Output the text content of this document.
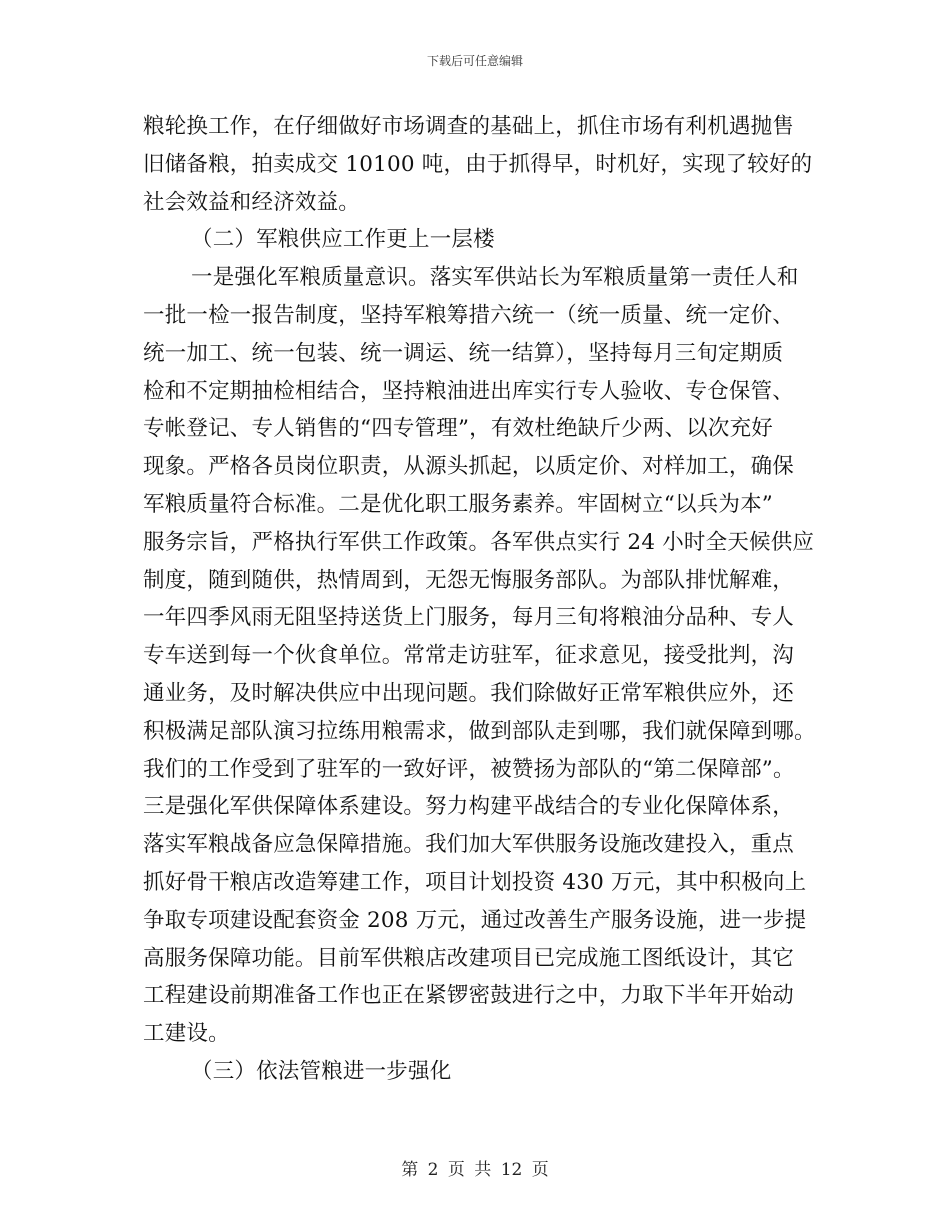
下载后可任意编辑
粮轮换工作，在仔细做好市场调查的基础上，抓住市场有利机遇抛售
旧储备粮，拍卖成交 10100 吨，由于抓得早，时机好，实现了较好的
社会效益和经济效益。
（二）军粮供应工作更上一层楼
一是强化军粮质量意识。落实军供站长为军粮质量第一责任人和
一批一检一报告制度，坚持军粮筹措六统一（统一质量、统一定价、
统一加工、统一包装、统一调运、统一结算），坚持每月三旬定期质
检和不定期抽检相结合，坚持粮油进出库实行专人验收、专仓保管、
专帐登记、专人销售的“四专管理”，有效杜绝缺斤少两、以次充好
现象。严格各员岗位职责，从源头抓起，以质定价、对样加工，确保
军粮质量符合标准。二是优化职工服务素养。牢固树立“以兵为本”
服务宗旨，严格执行军供工作政策。各军供点实行 24 小时全天候供应
制度，随到随供，热情周到，无怨无悔服务部队。为部队排忧解难，
一年四季风雨无阻坚持送货上门服务，每月三旬将粮油分品种、专人
专车送到每一个伙食单位。常常走访驻军，征求意见，接受批判，沟
通业务，及时解决供应中出现问题。我们除做好正常军粮供应外，还
积极满足部队演习拉练用粮需求，做到部队走到哪，我们就保障到哪。
我们的工作受到了驻军的一致好评，被赞扬为部队的“第二保障部”。
三是强化军供保障体系建设。努力构建平战结合的专业化保障体系，
落实军粮战备应急保障措施。我们加大军供服务设施改建投入，重点
抓好骨干粮店改造筹建工作，项目计划投资 430 万元，其中积极向上
争取专项建设配套资金 208 万元，通过改善生产服务设施，进一步提
高服务保障功能。目前军供粮店改建项目已完成施工图纸设计，其它
工程建设前期准备工作也正在紧锣密鼓进行之中，力取下半年开始动
工建设。
（三）依法管粮进一步强化
第 2 页 共 12 页
